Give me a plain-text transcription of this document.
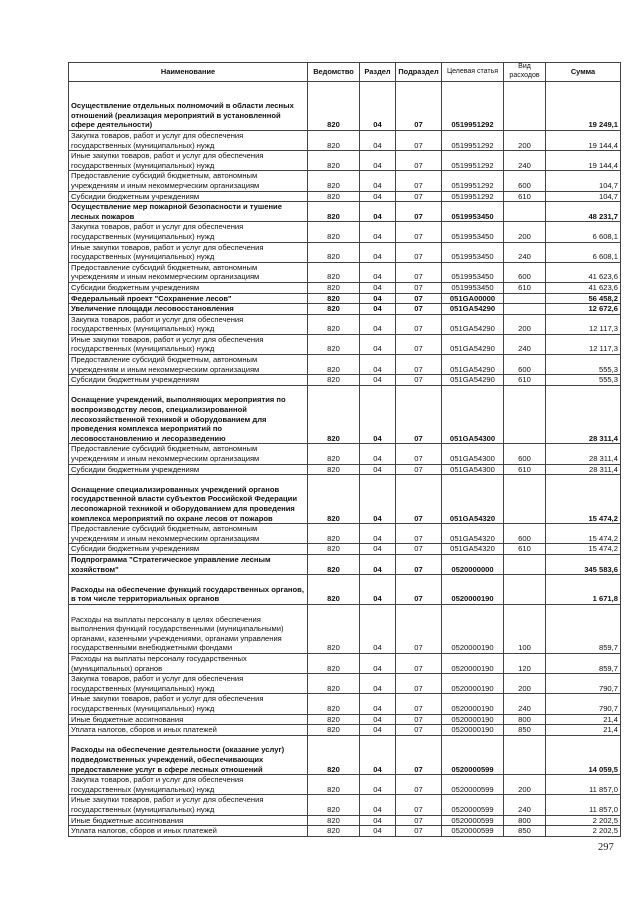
Наименование	Ведомство	Раздел	Подраздел	Целевая статья	Вид расходов	Сумма
Осуществление отдельных полномочий в области лесных отношений (реализация мероприятий в установленной сфере деятельности)	820	04	07	0519951292		19 249,1
Закупка товаров, работ и услуг для обеспечения государственных (муниципальных) нужд	820	04	07	0519951292	200	19 144,4
Иные закупки товаров, работ и услуг для обеспечения государственных (муниципальных) нужд	820	04	07	0519951292	240	19 144,4
Предоставление субсидий бюджетным, автономным учреждениям и иным некоммерческим организациям	820	04	07	0519951292	600	104,7
Субсидии бюджетным учреждениям	820	04	07	0519951292	610	104,7
Осуществление мер пожарной безопасности и тушение лесных пожаров	820	04	07	0519953450		48 231,7
Закупка товаров, работ и услуг для обеспечения государственных (муниципальных) нужд	820	04	07	0519953450	200	6 608,1
Иные закупки товаров, работ и услуг для обеспечения государственных (муниципальных) нужд	820	04	07	0519953450	240	6 608,1
Предоставление субсидий бюджетным, автономным учреждениям и иным некоммерческим организациям	820	04	07	0519953450	600	41 623,6
Субсидии бюджетным учреждениям	820	04	07	0519953450	610	41 623,6
Федеральный проект "Сохранение лесов"	820	04	07	051GA00000		56 458,2
Увеличение площади лесовосстановления	820	04	07	051GA54290		12 672,6
Закупка товаров, работ и услуг для обеспечения государственных (муниципальных) нужд	820	04	07	051GA54290	200	12 117,3
Иные закупки товаров, работ и услуг для обеспечения государственных (муниципальных) нужд	820	04	07	051GA54290	240	12 117,3
Предоставление субсидий бюджетным, автономным учреждениям и иным некоммерческим организациям	820	04	07	051GA54290	600	555,3
Субсидии бюджетным учреждениям	820	04	07	051GA54290	610	555,3
Оснащение учреждений, выполняющих мероприятия по воспроизводству лесов, специализированной лесохозяйственной техникой и оборудованием для проведения комплекса мероприятий по лесовосстановлению и лесоразведению	820	04	07	051GA54300		28 311,4
Предоставление субсидий бюджетным, автономным учреждениям и иным некоммерческим организациям	820	04	07	051GA54300	600	28 311,4
Субсидии бюджетным учреждениям	820	04	07	051GA54300	610	28 311,4
Оснащение специализированных учреждений органов государственной власти субъектов Российской Федерации лесопожарной техникой и оборудованием для проведения комплекса мероприятий по охране лесов от пожаров	820	04	07	051GA54320		15 474,2
Предоставление субсидий бюджетным, автономным учреждениям и иным некоммерческим организациям	820	04	07	051GA54320	600	15 474,2
Субсидии бюджетным учреждениям	820	04	07	051GA54320	610	15 474,2
Подпрограмма "Стратегическое управление лесным хозяйством"	820	04	07	0520000000		345 583,6
Расходы на обеспечение функций государственных органов, в том числе территориальных органов	820	04	07	0520000190		1 671,8
Расходы на выплаты персоналу в целях обеспечения выполнения функций государственными (муниципальными) органами, казенными учреждениями, органами управления государственными внебюджетными фондами	820	04	07	0520000190	100	859,7
Расходы на выплаты персоналу государственных (муниципальных) органов	820	04	07	0520000190	120	859,7
Закупка товаров, работ и услуг для обеспечения государственных (муниципальных) нужд	820	04	07	0520000190	200	790,7
Иные закупки товаров, работ и услуг для обеспечения государственных (муниципальных) нужд	820	04	07	0520000190	240	790,7
Иные бюджетные ассигнования	820	04	07	0520000190	800	21,4
Уплата налогов, сборов и иных платежей	820	04	07	0520000190	850	21,4
Расходы на обеспечение деятельности (оказание услуг) подведомственных учреждений, обеспечивающих предоставление услуг в сфере лесных отношений	820	04	07	0520000599		14 059,5
Закупка товаров, работ и услуг для обеспечения государственных (муниципальных) нужд	820	04	07	0520000599	200	11 857,0
Иные закупки товаров, работ и услуг для обеспечения государственных (муниципальных) нужд	820	04	07	0520000599	240	11 857,0
Иные бюджетные ассигнования	820	04	07	0520000599	800	2 202,5
Уплата налогов, сборов и иных платежей	820	04	07	0520000599	850	2 202,5
297
